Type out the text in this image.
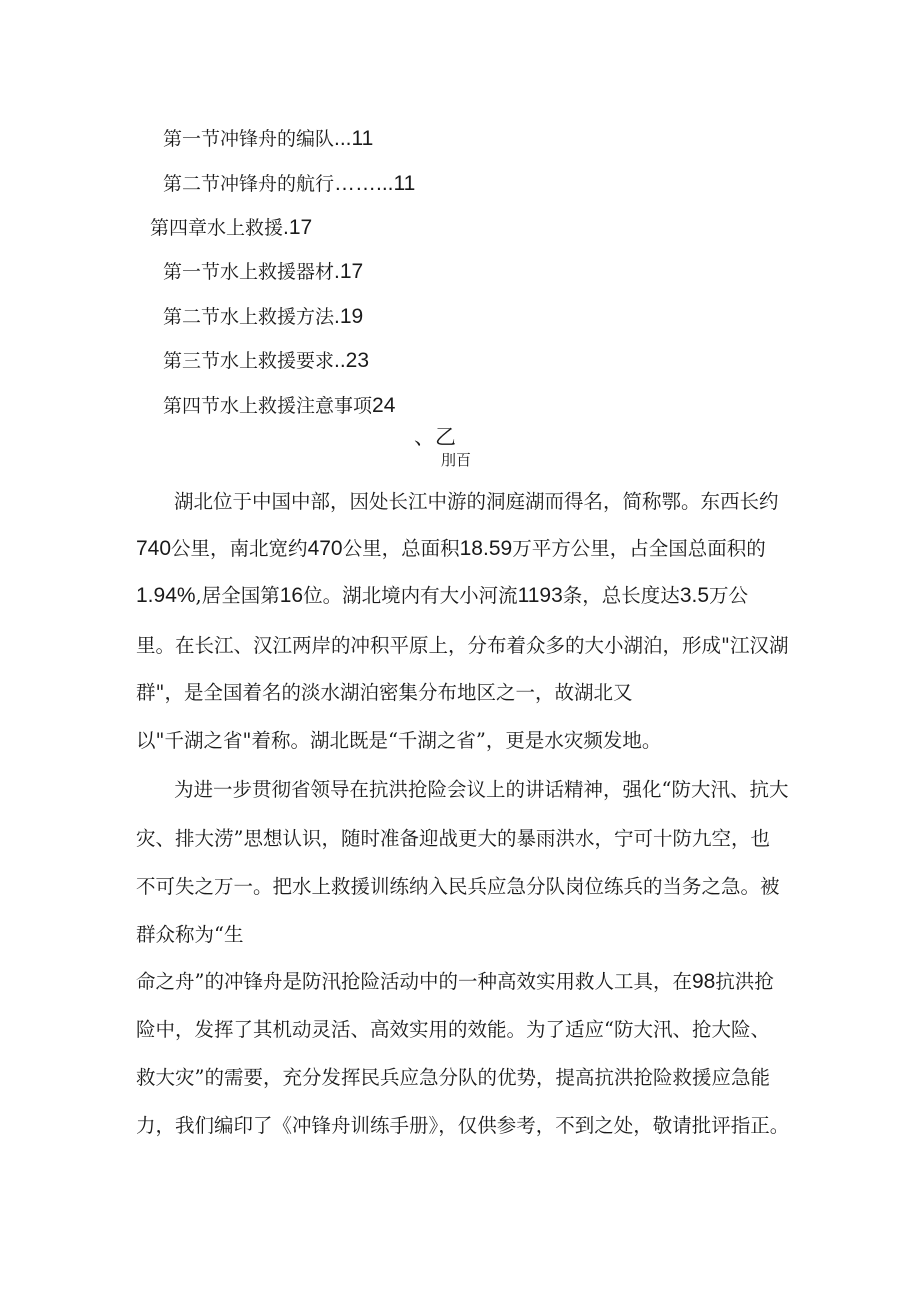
第一节冲锋舟的编队...11
第二节冲锋舟的航行……...11
第四章水上救援.17
第一节水上救援器材.17
第二节水上救援方法.19
第三节水上救援要求..23
第四节水上救援注意事项24
、乙
刖百
湖北位于中国中部，因处长江中游的洞庭湖而得名，简称鄂。东西长约
740公里，南北宽约470公里，总面积18.59万平方公里，占全国总面积的
1.94%,居全国第16位。湖北境内有大小河流1193条，总长度达3.5万公
里。在长江、汉江两岸的冲积平原上，分布着众多的大小湖泊，形成"江汉湖
群"，是全国着名的淡水湖泊密集分布地区之一，故湖北又
以"千湖之省"着称。湖北既是“千湖之省”，更是水灾频发地。
为进一步贯彻省领导在抗洪抢险会议上的讲话精神，强化“防大汛、抗大
灾、排大涝”思想认识，随时准备迎战更大的暴雨洪水，宁可十防九空，也
不可失之万一。把水上救援训练纳入民兵应急分队岗位练兵的当务之急。被
群众称为“生
命之舟”的冲锋舟是防汛抢险活动中的一种高效实用救人工具，在98抗洪抢
险中，发挥了其机动灵活、高效实用的效能。为了适应“防大汛、抢大险、
救大灾”的需要，充分发挥民兵应急分队的优势，提高抗洪抢险救援应急能
力，我们编印了《冲锋舟训练手册》，仅供参考，不到之处，敬请批评指正。
